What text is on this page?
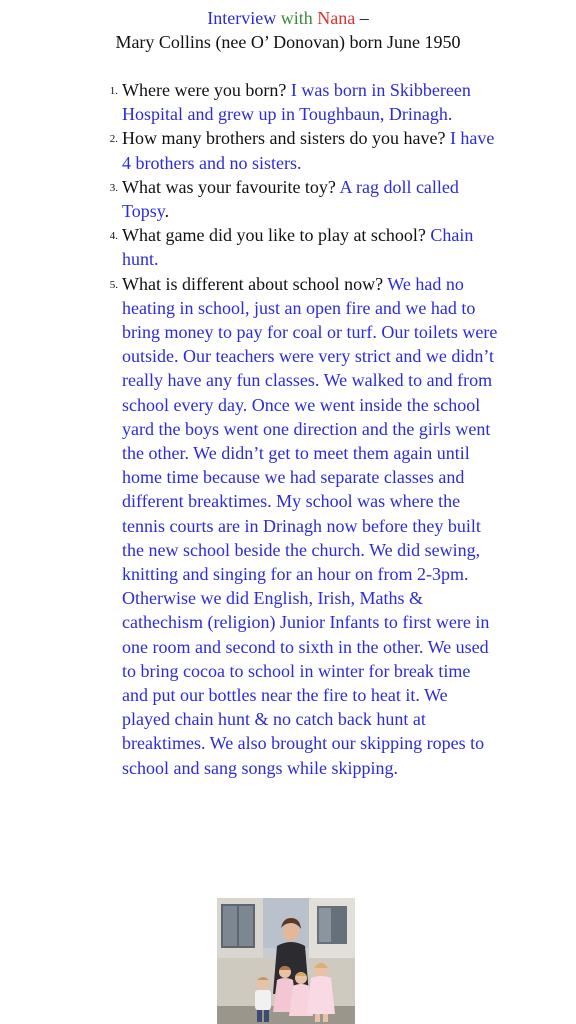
Interview with Nana –
Mary Collins (nee O’ Donovan) born June 1950
1 . Where were you born? I was born in Skibbereen Hospital and grew up in Toughbaun, Drinagh.
2 . How many brothers and sisters do you have? I have 4 brothers and no sisters.
3 . What was your favourite toy? A rag doll called Topsy.
4 . What game did you like to play at school? Chain hunt.
5 . What is different about school now? We had no heating in school, just an open fire and we had to bring money to pay for coal or turf. Our toilets were outside. Our teachers were very strict and we didn’t really have any fun classes. We walked to and from school every day. Once we went inside the school yard the boys went one direction and the girls went the other. We didn’t get to meet them again until home time because we had separate classes and different breaktimes. My school was where the tennis courts are in Drinagh now before they built the new school beside the church. We did sewing, knitting and singing for an hour on from 2-3pm. Otherwise we did English, Irish, Maths & cathechism (religion) Junior Infants to first were in one room and second to sixth in the other. We used to bring cocoa to school in winter for break time and put our bottles near the fire to heat it. We played chain hunt & no catch back hunt at breaktimes. We also brought our skipping ropes to school and sang songs while skipping.
